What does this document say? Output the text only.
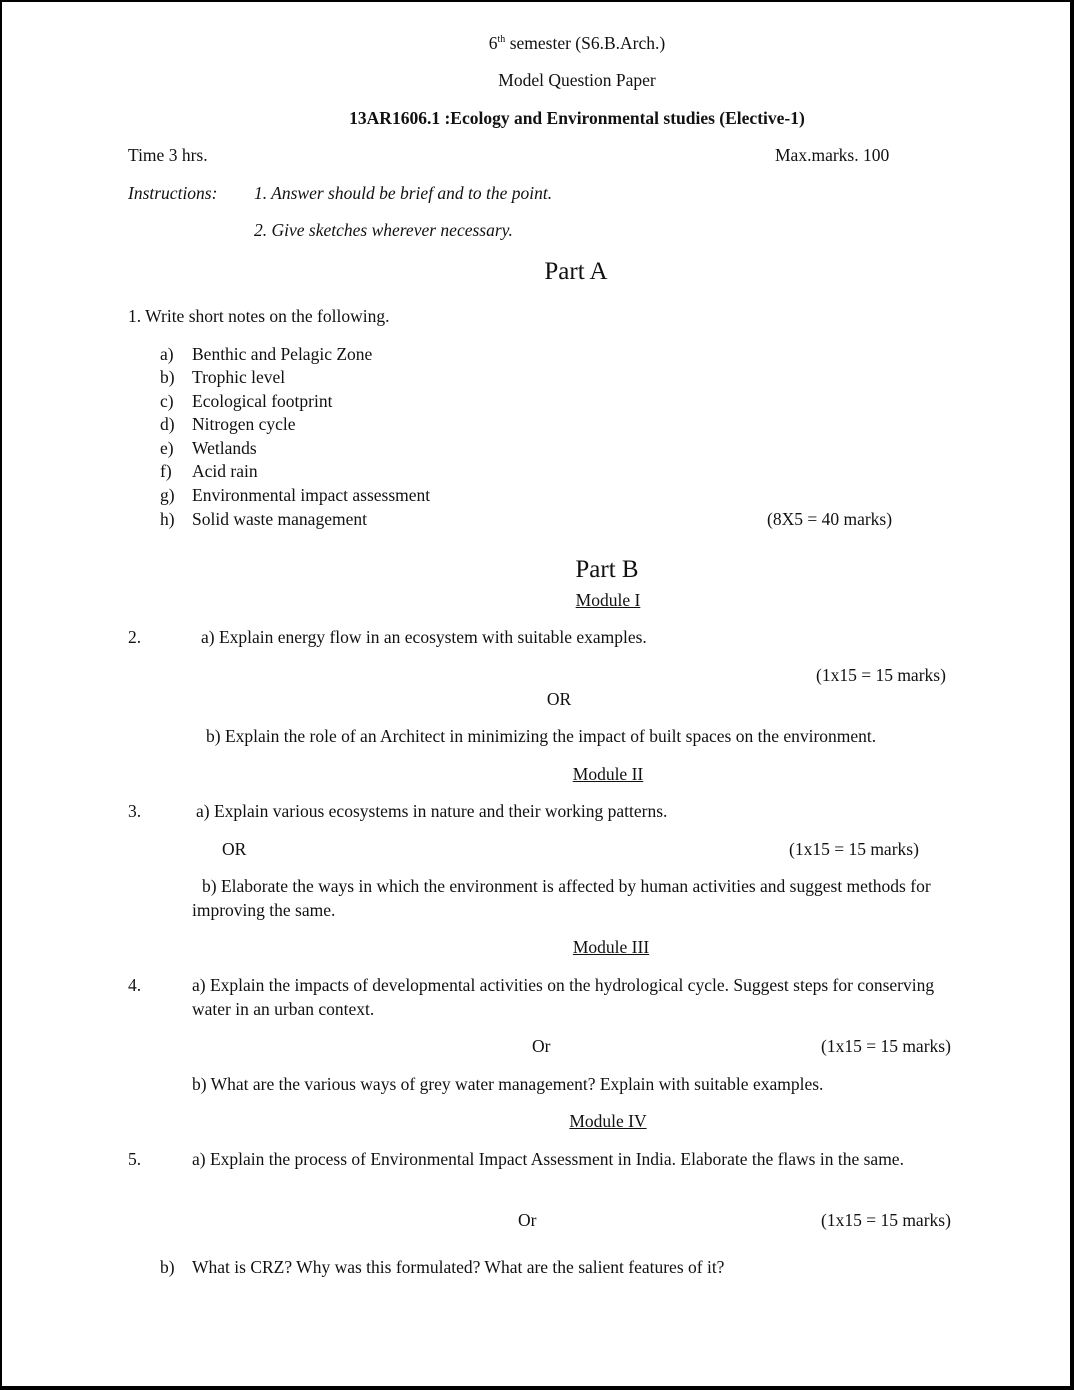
6th semester (S6.B.Arch.)
Model Question Paper
13AR1606.1 :Ecology and Environmental studies (Elective-1)
Time 3 hrs.	Max.marks. 100
Instructions: 1. Answer should be brief and to the point.
2. Give sketches wherever necessary.
Part A
1. Write short notes on the following.
a) Benthic and Pelagic Zone
b) Trophic level
c) Ecological footprint
d) Nitrogen cycle
e) Wetlands
f) Acid rain
g) Environmental impact assessment
h) Solid waste management	(8X5 = 40 marks)
Part B
Module I
2.	a) Explain energy flow in an ecosystem with suitable examples.
(1x15 = 15 marks)
OR
b) Explain the role of an Architect in minimizing the impact of built spaces on the environment.
Module II
3.	a) Explain various ecosystems in nature and their working patterns.
OR	(1x15 = 15 marks)
b) Elaborate the ways in which the environment is affected by human activities and suggest methods for
improving the same.
Module III
4.	a) Explain the impacts of developmental activities on the hydrological cycle. Suggest steps for conserving
water in an urban context.
Or	(1x15 = 15 marks)
b) What are the various ways of grey water management? Explain with suitable examples.
Module IV
5.	a) Explain the process of Environmental Impact Assessment in India. Elaborate the flaws in the same.
Or	(1x15 = 15 marks)
b) What is CRZ? Why was this formulated? What are the salient features of it?
